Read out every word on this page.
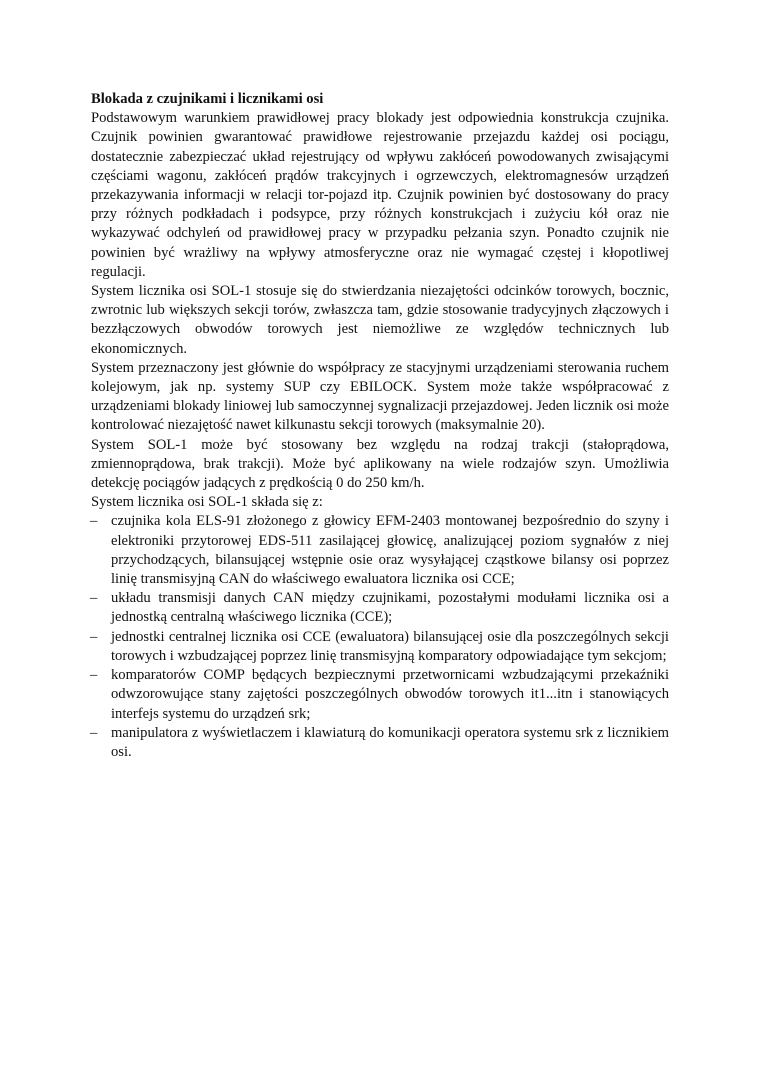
Blokada z czujnikami i licznikami osi

Podstawowym warunkiem prawidłowej pracy blokady jest odpowiednia konstrukcja czujnika. Czujnik powinien gwarantować prawidłowe rejestrowanie przejazdu każdej osi pociągu, dostatecznie zabezpieczać układ rejestrujący od wpływu zakłóceń powodowanych zwisającymi częściami wagonu, zakłóceń prądów trakcyjnych i ogrzewczych, elektromagnesów urządzeń przekazywania informacji w relacji tor-pojazd itp. Czujnik powinien być dostosowany do pracy przy różnych podkładach i podsypce, przy różnych konstrukcjach i zużyciu kół oraz nie wykazywać odchyleń od prawidłowej pracy w przypadku pełzania szyn. Ponadto czujnik nie powinien być wrażliwy na wpływy atmosferyczne oraz nie wymagać częstej i kłopotliwej regulacji.

System licznika osi SOL-1 stosuje się do stwierdzania niezajętości odcinków torowych, bocznic, zwrotnic lub większych sekcji torów, zwłaszcza tam, gdzie stosowanie tradycyjnych złączowych i bezzłączowych obwodów torowych jest niemożliwe ze względów technicznych lub ekonomicznych.

System przeznaczony jest głównie do współpracy ze stacyjnymi urządzeniami sterowania ruchem kolejowym, jak np. systemy SUP czy EBILOCK. System może także współpracować z urządzeniami blokady liniowej lub samoczynnej sygnalizacji przejazdowej. Jeden licznik osi może kontrolować niezajętość nawet kilkunastu sekcji torowych (maksymalnie 20).

System SOL-1 może być stosowany bez względu na rodzaj trakcji (stałoprądowa, zmiennoprądowa, brak trakcji). Może być aplikowany na wiele rodzajów szyn. Umożliwia detekcję pociągów jadących z prędkością 0 do 250 km/h.

System licznika osi SOL-1 składa się z:

– czujnika kola ELS-91 złożonego z głowicy EFM-2403 montowanej bezpośrednio do szyny i elektroniki przytorowej EDS-511 zasilającej głowicę, analizującej poziom sygnałów z niej przychodzących, bilansującej wstępnie osie oraz wysyłającej cząstkowe bilansy osi poprzez linię transmisyjną CAN do właściwego ewaluatora licznika osi CCE;
– układu transmisji danych CAN między czujnikami, pozostałymi modułami licznika osi a jednostką centralną właściwego licznika (CCE);
– jednostki centralnej licznika osi CCE (ewaluatora) bilansującej osie dla poszczególnych sekcji torowych i wzbudzającej poprzez linię transmisyjną komparatory odpowiadające tym sekcjom;
– komparatorów COMP będących bezpiecznymi przetwornicami wzbudzającymi przekaźniki odwzorowujące stany zajętości poszczególnych obwodów torowych it1...itn i stanowiących interfejs systemu do urządzeń srk;
– manipulatora z wyświetlaczem i klawiaturą do komunikacji operatora systemu srk z licznikiem osi.
